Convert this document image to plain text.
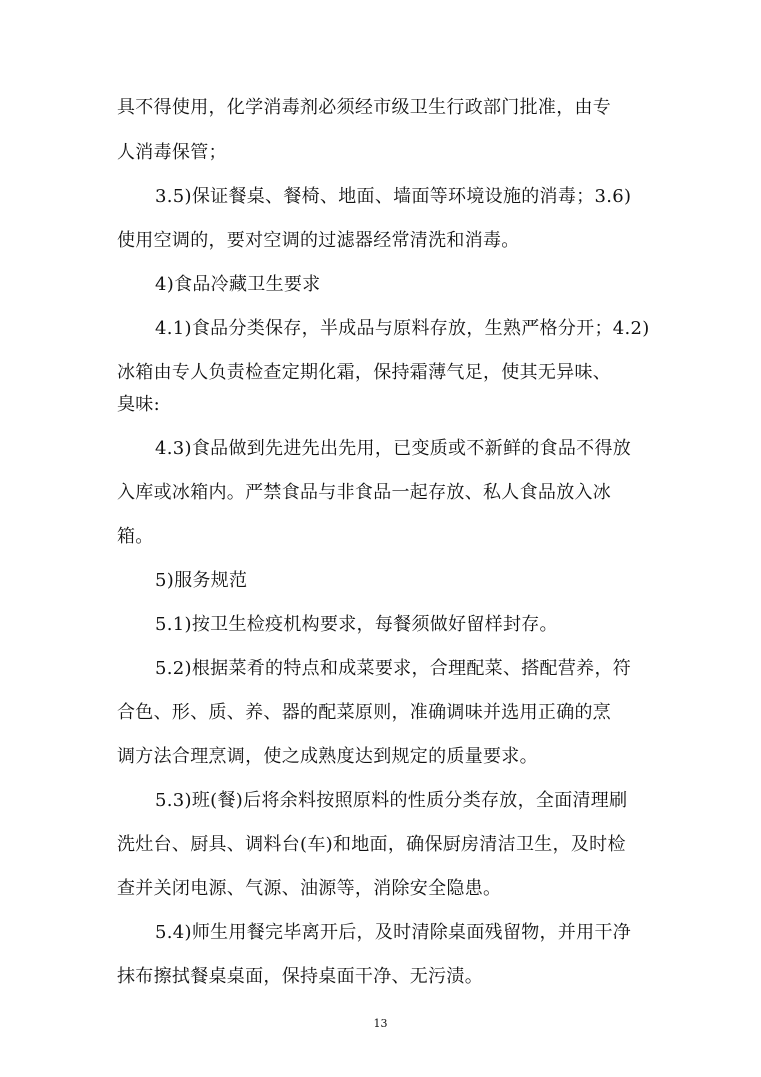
具不得使用，化学消毒剂必须经市级卫生行政部门批准，由专
人消毒保管；
3.5)保证餐桌、餐椅、地面、墙面等环境设施的消毒；3.6)
使用空调的，要对空调的过滤器经常清洗和消毒。
4)食品冷藏卫生要求
4.1)食品分类保存，半成品与原料存放，生熟严格分开；4.2)
冰箱由专人负责检查定期化霜，保持霜薄气足，使其无异味、
臭味:
4.3)食品做到先进先出先用，已变质或不新鲜的食品不得放
入库或冰箱内。严禁食品与非食品一起存放、私人食品放入冰
箱。
5)服务规范
5.1)按卫生检疫机构要求，每餐须做好留样封存。
5.2)根据菜肴的特点和成菜要求，合理配菜、搭配营养，符
合色、形、质、养、器的配菜原则，准确调味并选用正确的烹
调方法合理烹调，使之成熟度达到规定的质量要求。
5.3)班(餐)后将余料按照原料的性质分类存放，全面清理刷
洗灶台、厨具、调料台(车)和地面，确保厨房清洁卫生，及时检
查并关闭电源、气源、油源等，消除安全隐患。
5.4)师生用餐完毕离开后，及时清除桌面残留物，并用干净
抹布擦拭餐桌桌面，保持桌面干净、无污渍。
13
